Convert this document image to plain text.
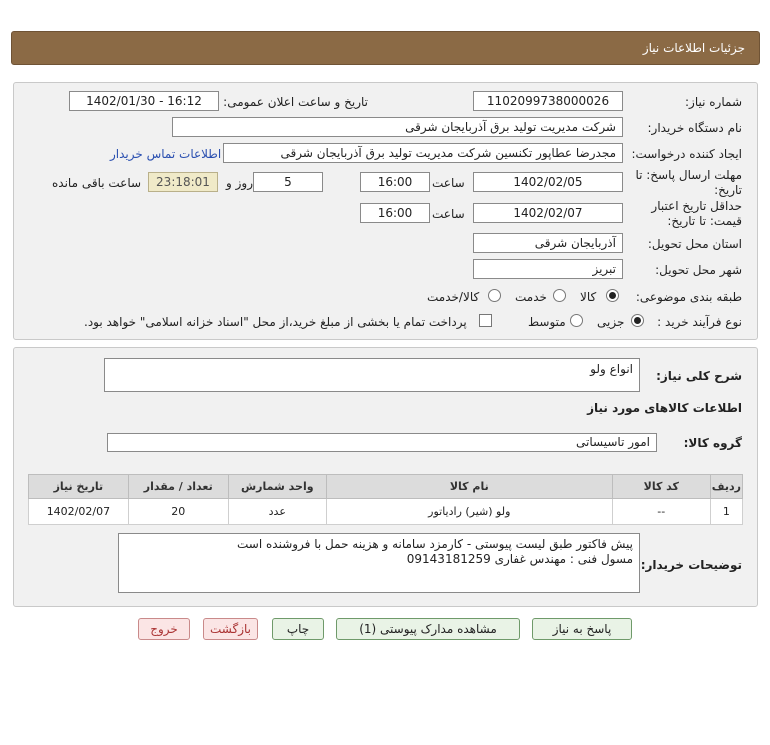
جزئیات اطلاعات نیاز
شماره نیاز:
1102099738000026
تاریخ و ساعت اعلان عمومی:
1402/01/30 - 16:12
نام دستگاه خریدار:
شرکت مدیریت تولید برق آذربایجان شرقی
ایجاد کننده درخواست:
مجدرضا عطاپور تکنسین شرکت مدیریت تولید برق آذربایجان شرقی
اطلاعات تماس خریدار
مهلت ارسال پاسخ: تا تاریخ:
1402/02/05
ساعت
16:00
5
روز و
23:18:01
ساعت باقی مانده
حداقل تاریخ اعتبار قیمت: تا تاریخ:
1402/02/07
ساعت
16:00
استان محل تحویل:
آذربایجان شرقی
شهر محل تحویل:
تبریز
طبقه بندی موضوعی:
کالا
خدمت
کالا/خدمت
نوع فرآیند خرید :
جزیی
متوسط
پرداخت تمام یا بخشی از مبلغ خرید،از محل "اسناد خزانه اسلامی" خواهد بود.
شرح کلی نیاز:
انواع ولو
اطلاعات کالاهای مورد نیاز
گروه کالا:
امور تاسیساتی
ردیف	کد کالا	نام کالا	واحد شمارش	تعداد / مقدار	تاریخ نیاز
1	--	ولو (شیر) رادیاتور	عدد	20	1402/02/07
توضیحات خریدار:
پیش فاکتور طبق لیست پیوستی - کارمزد سامانه و هزینه حمل با فروشنده است
مسول فنی : مهندس غفاری 09143181259
پاسخ به نیاز
مشاهده مدارک پیوستی (1)
چاپ
بازگشت
خروج
